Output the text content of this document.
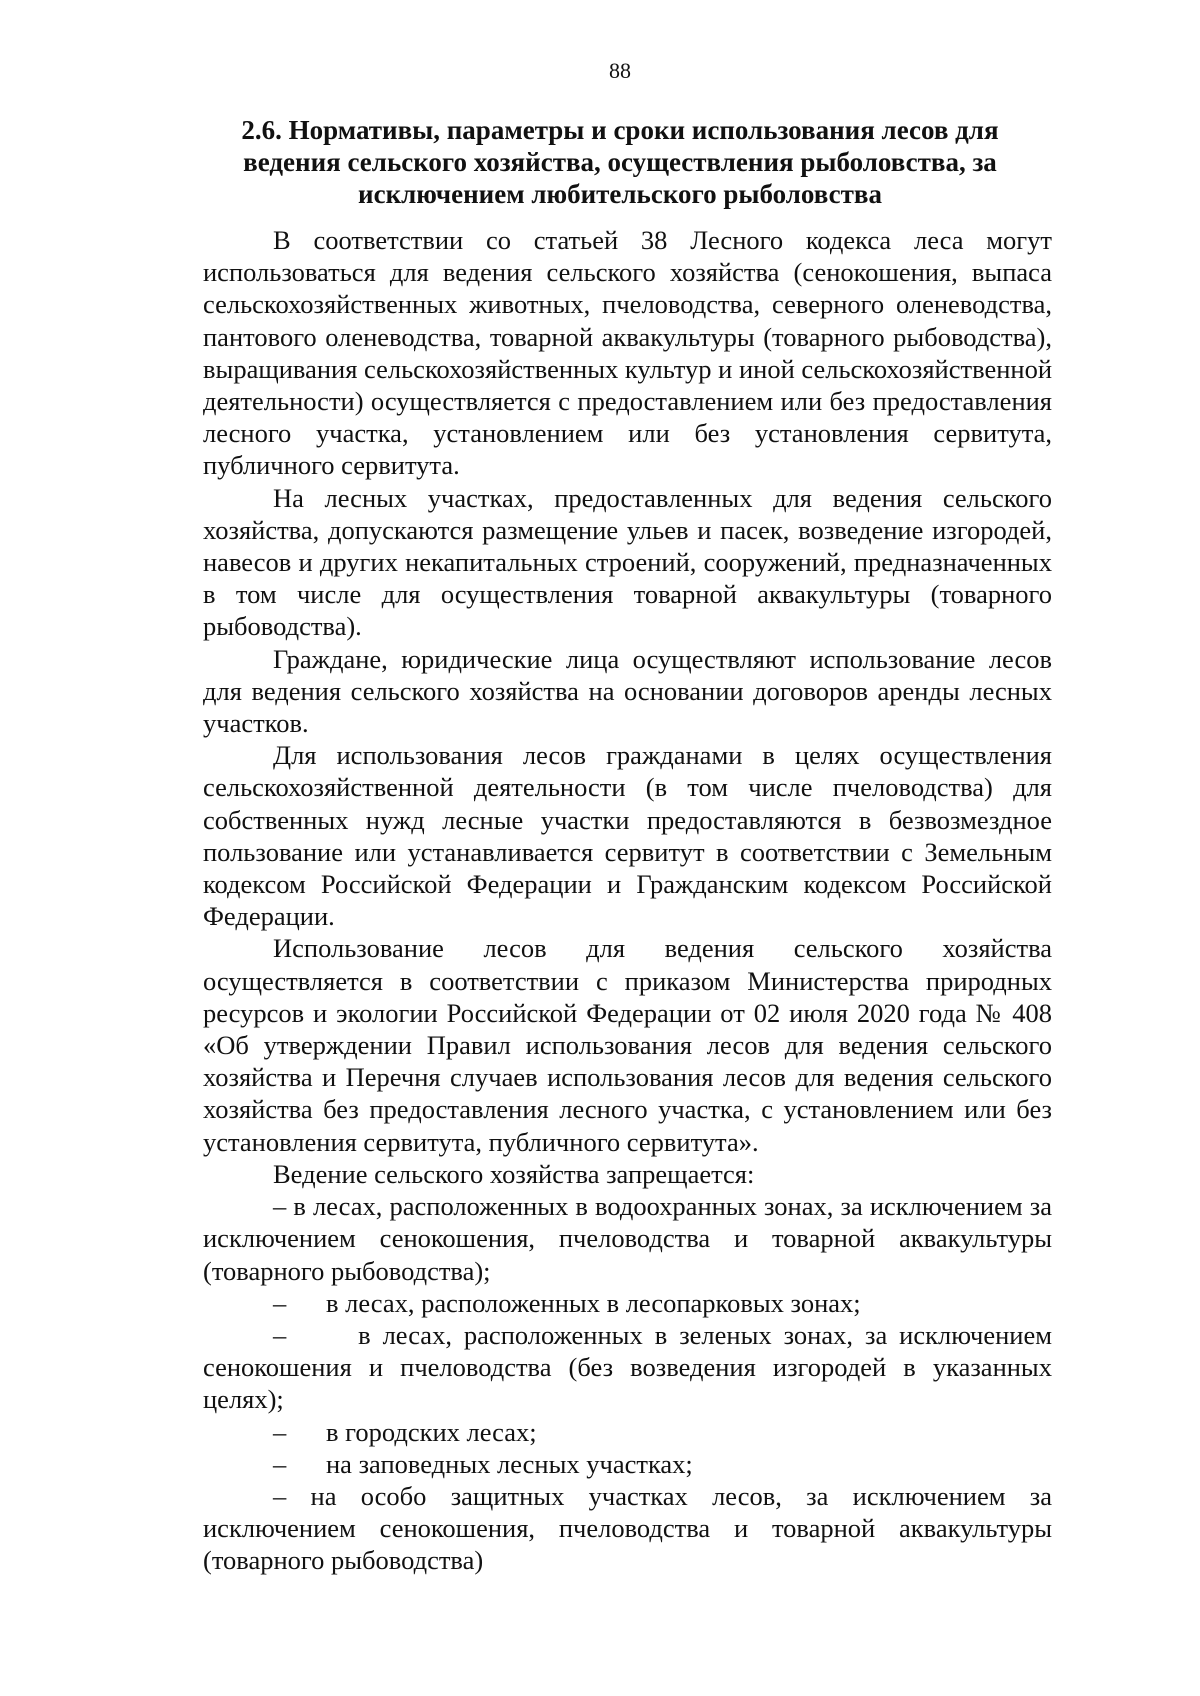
88
2.6. Нормативы, параметры и сроки использования лесов для ведения сельского хозяйства, осуществления рыболовства, за исключением любительского рыболовства

В соответствии со статьей 38 Лесного кодекса леса могут использоваться для ведения сельского хозяйства (сенокошения, выпаса сельскохозяйственных животных, пчеловодства, северного оленеводства, пантового оленеводства, товарной аквакультуры (товарного рыбоводства), выращивания сельскохозяйственных культур и иной сельскохозяйственной деятельности) осуществляется с предоставлением или без предоставления лесного участка, установлением или без установления сервитута, публичного сервитута.

На лесных участках, предоставленных для ведения сельского хозяйства, допускаются размещение ульев и пасек, возведение изгородей, навесов и других некапитальных строений, сооружений, предназначенных в том числе для осуществления товарной аквакультуры (товарного рыбоводства).

Граждане, юридические лица осуществляют использование лесов для ведения сельского хозяйства на основании договоров аренды лесных участков.

Для использования лесов гражданами в целях осуществления сельскохозяйственной деятельности (в том числе пчеловодства) для собственных нужд лесные участки предоставляются в безвозмездное пользование или устанавливается сервитут в соответствии с Земельным кодексом Российской Федерации и Гражданским кодексом Российской Федерации.

Использование лесов для ведения сельского хозяйства осуществляется в соответствии с приказом Министерства природных ресурсов и экологии Российской Федерации от 02 июля 2020 года № 408 «Об утверждении Правил использования лесов для ведения сельского хозяйства и Перечня случаев использования лесов для ведения сельского хозяйства без предоставления лесного участка, с установлением или без установления сервитута, публичного сервитута».

Ведение сельского хозяйства запрещается:

– в лесах, расположенных в водоохранных зонах, за исключением за исключением сенокошения, пчеловодства и товарной аквакультуры (товарного рыбоводства);

–      в лесах, расположенных в лесопарковых зонах;

–      в лесах, расположенных в зеленых зонах, за исключением сенокошения и пчеловодства (без возведения изгородей в указанных целях);

–      в городских лесах;

–      на заповедных лесных участках;

– на особо защитных участках лесов, за исключением за исключением сенокошения, пчеловодства и товарной аквакультуры (товарного рыбоводства)
